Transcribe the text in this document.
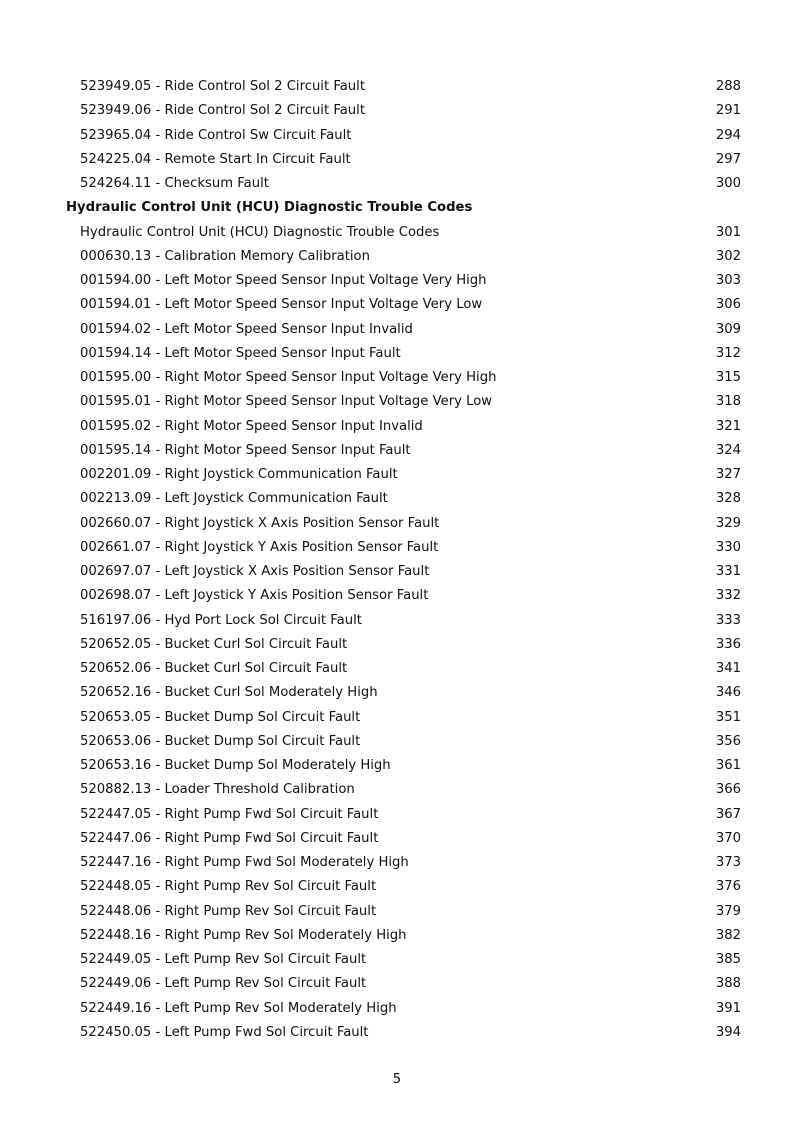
523949.05 - Ride Control Sol 2 Circuit Fault	288
523949.06 - Ride Control Sol 2 Circuit Fault	291
523965.04 - Ride Control Sw Circuit Fault	294
524225.04 - Remote Start In Circuit Fault	297
524264.11 - Checksum Fault	300
Hydraulic Control Unit (HCU) Diagnostic Trouble Codes
Hydraulic Control Unit (HCU) Diagnostic Trouble Codes	301
000630.13 - Calibration Memory Calibration	302
001594.00 - Left Motor Speed Sensor Input Voltage Very High	303
001594.01 - Left Motor Speed Sensor Input Voltage Very Low	306
001594.02 - Left Motor Speed Sensor Input Invalid	309
001594.14 - Left Motor Speed Sensor Input Fault	312
001595.00 - Right Motor Speed Sensor Input Voltage Very High	315
001595.01 - Right Motor Speed Sensor Input Voltage Very Low	318
001595.02 - Right Motor Speed Sensor Input Invalid	321
001595.14 - Right Motor Speed Sensor Input Fault	324
002201.09 - Right Joystick Communication Fault	327
002213.09 - Left Joystick Communication Fault	328
002660.07 - Right Joystick X Axis Position Sensor Fault	329
002661.07 - Right Joystick Y Axis Position Sensor Fault	330
002697.07 - Left Joystick X Axis Position Sensor Fault	331
002698.07 - Left Joystick Y Axis Position Sensor Fault	332
516197.06 - Hyd Port Lock Sol Circuit Fault	333
520652.05 - Bucket Curl Sol Circuit Fault	336
520652.06 - Bucket Curl Sol Circuit Fault	341
520652.16 - Bucket Curl Sol Moderately High	346
520653.05 - Bucket Dump Sol Circuit Fault	351
520653.06 - Bucket Dump Sol Circuit Fault	356
520653.16 - Bucket Dump Sol Moderately High	361
520882.13 - Loader Threshold Calibration	366
522447.05 - Right Pump Fwd Sol Circuit Fault	367
522447.06 - Right Pump Fwd Sol Circuit Fault	370
522447.16 - Right Pump Fwd Sol Moderately High	373
522448.05 - Right Pump Rev Sol Circuit Fault	376
522448.06 - Right Pump Rev Sol Circuit Fault	379
522448.16 - Right Pump Rev Sol Moderately High	382
522449.05 - Left Pump Rev Sol Circuit Fault	385
522449.06 - Left Pump Rev Sol Circuit Fault	388
522449.16 - Left Pump Rev Sol Moderately High	391
522450.05 - Left Pump Fwd Sol Circuit Fault	394
5
